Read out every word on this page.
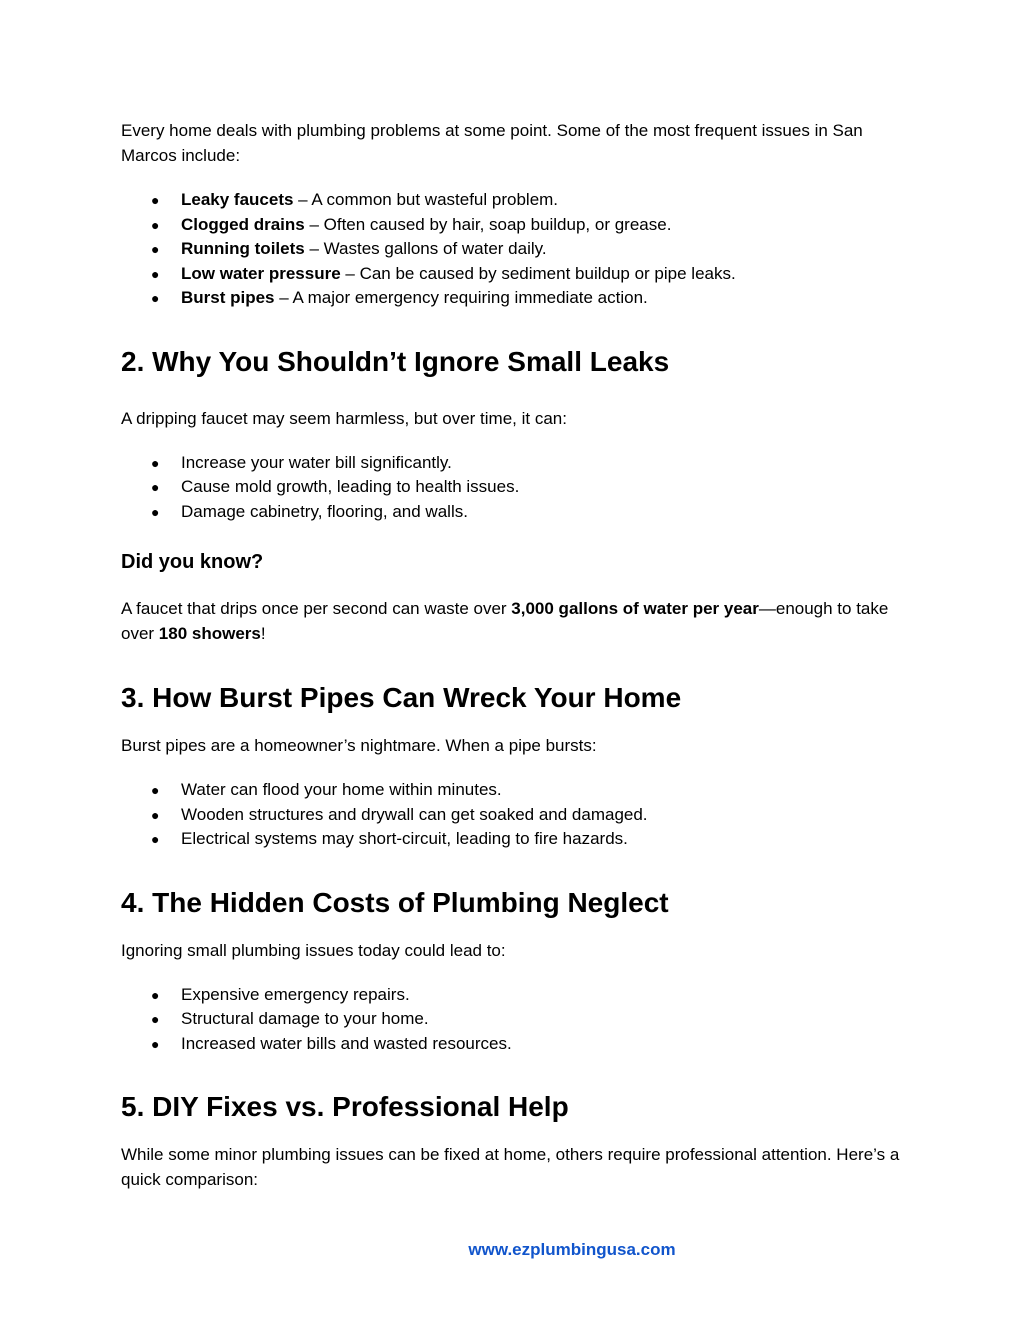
Every home deals with plumbing problems at some point. Some of the most frequent issues in San Marcos include:

● Leaky faucets – A common but wasteful problem.
● Clogged drains – Often caused by hair, soap buildup, or grease.
● Running toilets – Wastes gallons of water daily.
● Low water pressure – Can be caused by sediment buildup or pipe leaks.
● Burst pipes – A major emergency requiring immediate action.
2. Why You Shouldn’t Ignore Small Leaks

A dripping faucet may seem harmless, but over time, it can:

● Increase your water bill significantly.
● Cause mold growth, leading to health issues.
● Damage cabinetry, flooring, and walls.
Did you know?

A faucet that drips once per second can waste over 3,000 gallons of water per year—enough to take over 180 showers!

3. How Burst Pipes Can Wreck Your Home

Burst pipes are a homeowner’s nightmare. When a pipe bursts:

● Water can flood your home within minutes.
● Wooden structures and drywall can get soaked and damaged.
● Electrical systems may short-circuit, leading to fire hazards.
4. The Hidden Costs of Plumbing Neglect

Ignoring small plumbing issues today could lead to:

● Expensive emergency repairs.
● Structural damage to your home.
● Increased water bills and wasted resources.
5. DIY Fixes vs. Professional Help

While some minor plumbing issues can be fixed at home, others require professional attention. Here’s a quick comparison:

www.ezplumbingusa.com
